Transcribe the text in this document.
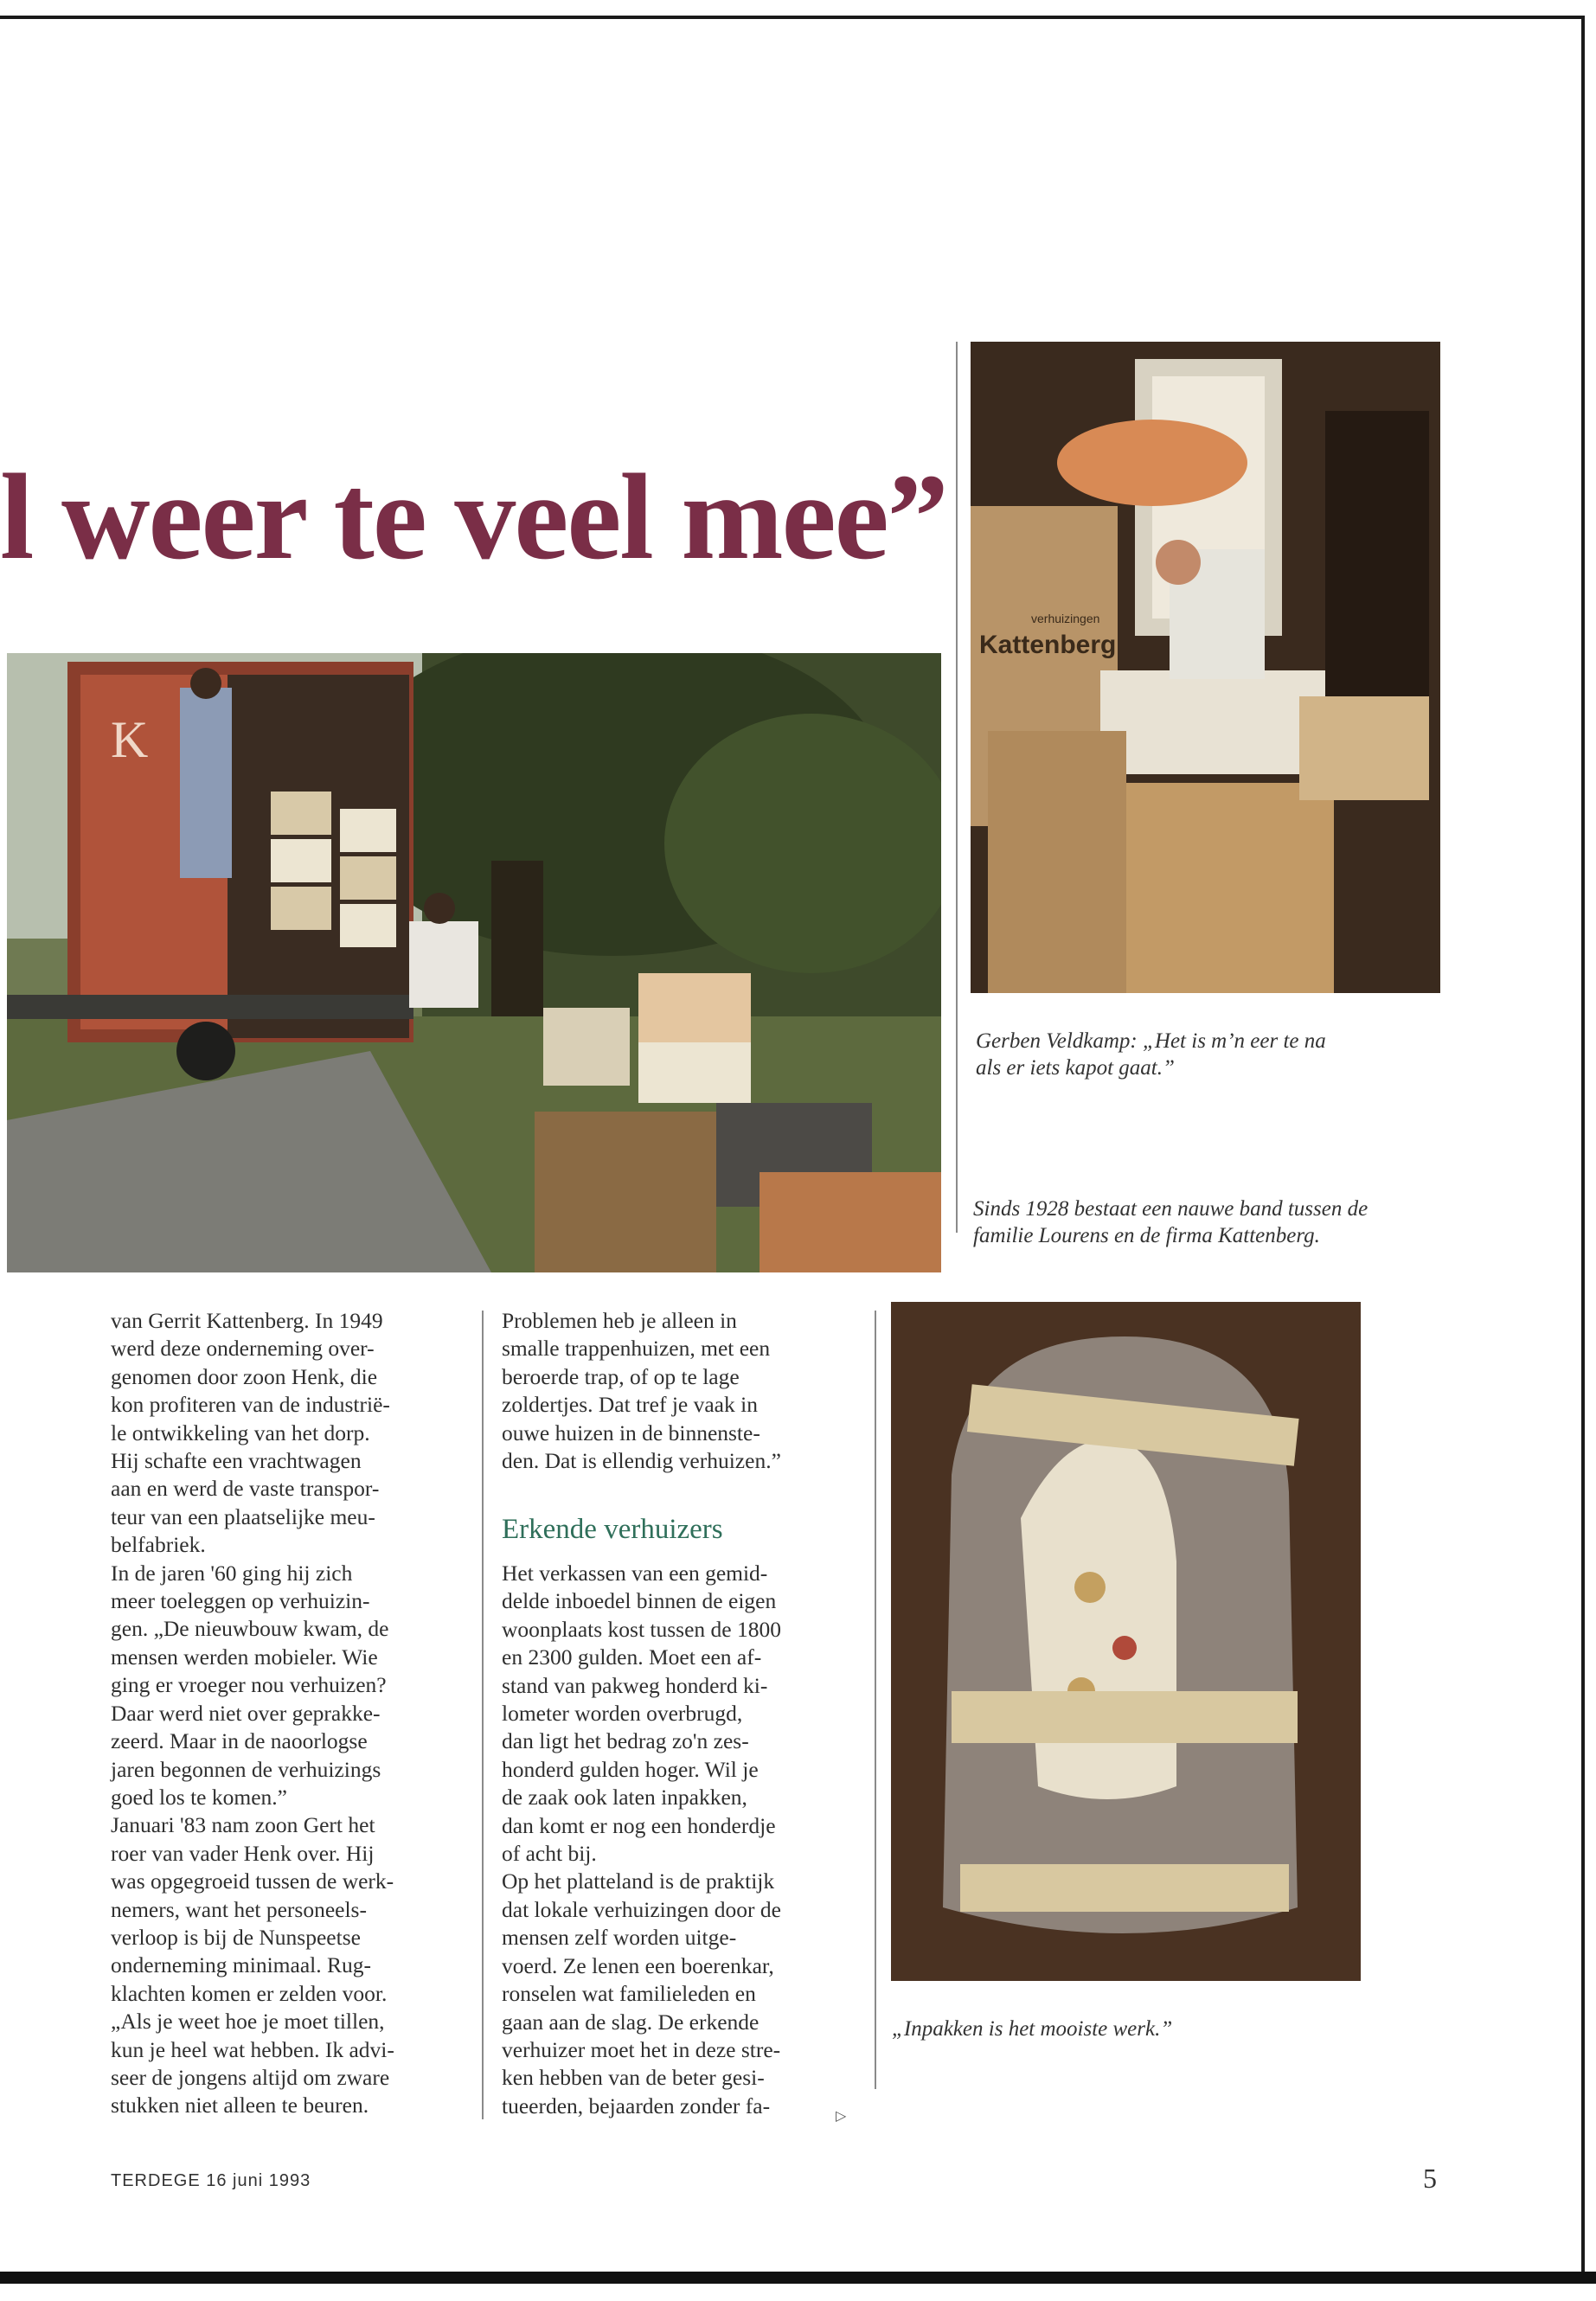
l weer te veel mee”
K
Kattenberg
verhuizingen
Gerben Veldkamp: „Het is m’n eer te na als er iets kapot gaat.”
Sinds 1928 bestaat een nauwe band tussen de familie Lourens en de firma Kattenberg.
„Inpakken is het mooiste werk.”
van Gerrit Kattenberg. In 1949
werd deze onderneming over-
genomen door zoon Henk, die
kon profiteren van de industrië-
le ontwikkeling van het dorp.
Hij schafte een vrachtwagen
aan en werd de vaste transpor-
teur van een plaatselijke meu-
belfabriek.
In de jaren '60 ging hij zich
meer toeleggen op verhuizin-
gen. „De nieuwbouw kwam, de
mensen werden mobieler. Wie
ging er vroeger nou verhuizen?
Daar werd niet over geprakke-
zeerd. Maar in de naoorlogse
jaren begonnen de verhuizings
goed los te komen.”
Januari '83 nam zoon Gert het
roer van vader Henk over. Hij
was opgegroeid tussen de werk-
nemers, want het personeels-
verloop is bij de Nunspeetse
onderneming minimaal. Rug-
klachten komen er zelden voor.
„Als je weet hoe je moet tillen,
kun je heel wat hebben. Ik advi-
seer de jongens altijd om zware
stukken niet alleen te beuren.
Problemen heb je alleen in
smalle trappenhuizen, met een
beroerde trap, of op te lage
zoldertjes. Dat tref je vaak in
ouwe huizen in de binnenste-
den. Dat is ellendig verhuizen.”
Erkende verhuizers
Het verkassen van een gemid-
delde inboedel binnen de eigen
woonplaats kost tussen de 1800
en 2300 gulden. Moet een af-
stand van pakweg honderd ki-
lometer worden overbrugd,
dan ligt het bedrag zo'n zes-
honderd gulden hoger. Wil je
de zaak ook laten inpakken,
dan komt er nog een honderdje
of acht bij.
Op het platteland is de praktijk
dat lokale verhuizingen door de
mensen zelf worden uitge-
voerd. Ze lenen een boerenkar,
ronselen wat familieleden en
gaan aan de slag. De erkende
verhuizer moet het in deze stre-
ken hebben van de beter gesi-
tueerden, bejaarden zonder fa-	▷
TERDEGE 16 juni 1993	5
